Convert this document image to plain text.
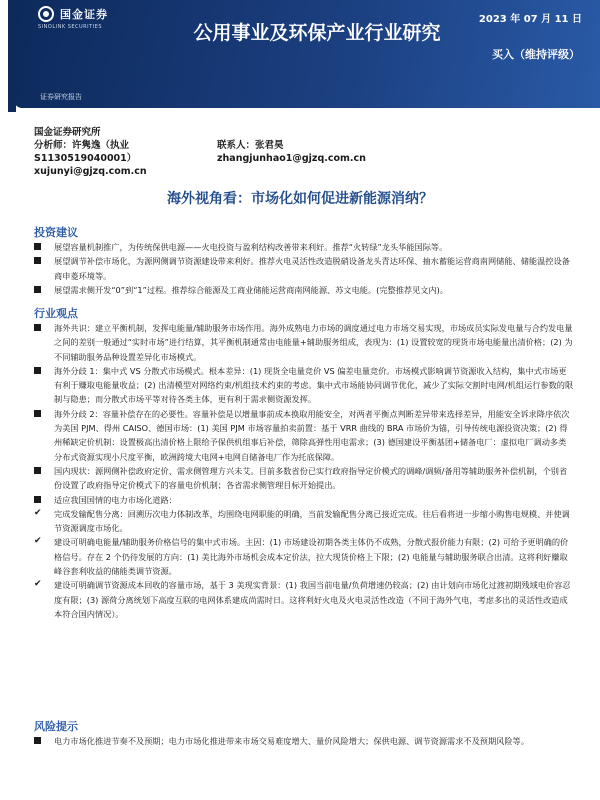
国金证券
SINOLINK SECURITIES
2023 年 07 月 11 日
公用事业及环保产业行业研究
买入（维持评级）
证券研究报告
国金证券研究所
分析师：许隽逸（执业
S1130519040001）
xujunyi@gjzq.com.cn
联系人：张君昊
zhangjunhao1@gjzq.com.cn
海外视角看：市场化如何促进新能源消纳？
投资建议
展望容量机制推广，为传统保供电源——火电投资与盈利结构改善带来利好。推荐“火转绿”龙头华能国际等。
展望调节补偿市场化，为源网侧调节资源建设带来利好。推荐火电灵活性改造脱硝设备龙头青达环保、抽水蓄能运营商南网储能、储能温控设备商申菱环境等。
展望需求侧开发“0”到“1”过程。推荐综合能源及工商业储能运营商南网能源、苏文电能。(完整推荐见文内)。
行业观点
海外共识：建立平衡机制，发挥电能量/辅助服务市场作用。海外成熟电力市场的调度通过电力市场交易实现，市场成员实际发电量与合约发电量之间的差别一般通过“实时市场”进行结算，其平衡机制通常由电能量+辅助服务组成，表现为：(1) 设置较宽的现货市场电能量出清价格；(2) 为不同辅助服务品种设置差异化市场模式。
海外分歧 1：集中式 VS 分散式市场模式。根本差异：(1) 现货全电量竞价 VS 偏差电量竞价。市场模式影响调节资源收入结构，集中式市场更有利于赚取电能量收益；(2) 出清模型对网络约束/机组技术约束的考虑。集中式市场能协同调节优化，减少了实际交割时电网/机组运行参数的限制与隐患；而分散式市场平等对待各类主体，更有利于需求侧资源发挥。
海外分歧 2：容量补偿存在的必要性。容量补偿是以增量事前成本换取用能安全，对两者平衡点判断差异带来选择差异，用能安全诉求降序依次为美国 PJM、得州 CAISO、德国市场：(1) 美国 PJM 市场容量拍卖前置：基于 VRR 曲线的 BRA 市场价为锚，引导传统电源投资决策；(2) 得州稀缺定价机制：设置极高出清价格上限给予保供机组事后补偿，筛除高弹性用电需求；(3) 德国建设平衡基团+储备电厂：虚拟电厂调动多类分布式资源实现小尺度平衡，欧洲跨境大电网+电网自储备电厂作为托底保障。
国内现状：源网侧补偿政府定价、需求侧管理方兴未艾。目前多数省份已实行政府指导定价模式的调峰/调频/备用等辅助服务补偿机制，个别省份设置了政府指导定价模式下的容量电价机制；各省需求侧管理目标开始提出。
适应我国国情的电力市场化道路：
✔ 完成发输配售分离：回溯历次电力体制改革，均围绕电网职能的明确，当前发输配售分离已接近完成。往后看将进一步缩小购售电规模、并使调节资源调度市场化。
✔ 建设可明确电能量/辅助服务价格信号的集中式市场。主因：(1) 市场建设初期各类主体仍不成熟，分散式报价能力有限；(2) 可给予更明确的价格信号。存在 2 个仍待发展的方向：(1) 美比海外市场机会成本定价法，拉大现货价格上下限；(2) 电能量与辅助服务联合出清。这将利好赚取峰谷套利收益的储能类调节资源。
✔ 建设可明确调节资源成本回收的容量市场，基于 3 美现实背景：(1) 我国当前电量/负荷增速仍较高；(2) 由计划向市场化过渡初期残域电价容忍度有限；(3) 源荷分离统划下高度互联的电网体系建成尚需时日。这将利好火电及火电灵活性改造（不同于海外气电，考虑多出的灵活性改造成本符合国内情况）。
风险提示
电力市场化推进节奏不及预期；电力市场化推进带来市场交易难度增大、量价风险增大；保供电源、调节资源需求不及预期风险等。
